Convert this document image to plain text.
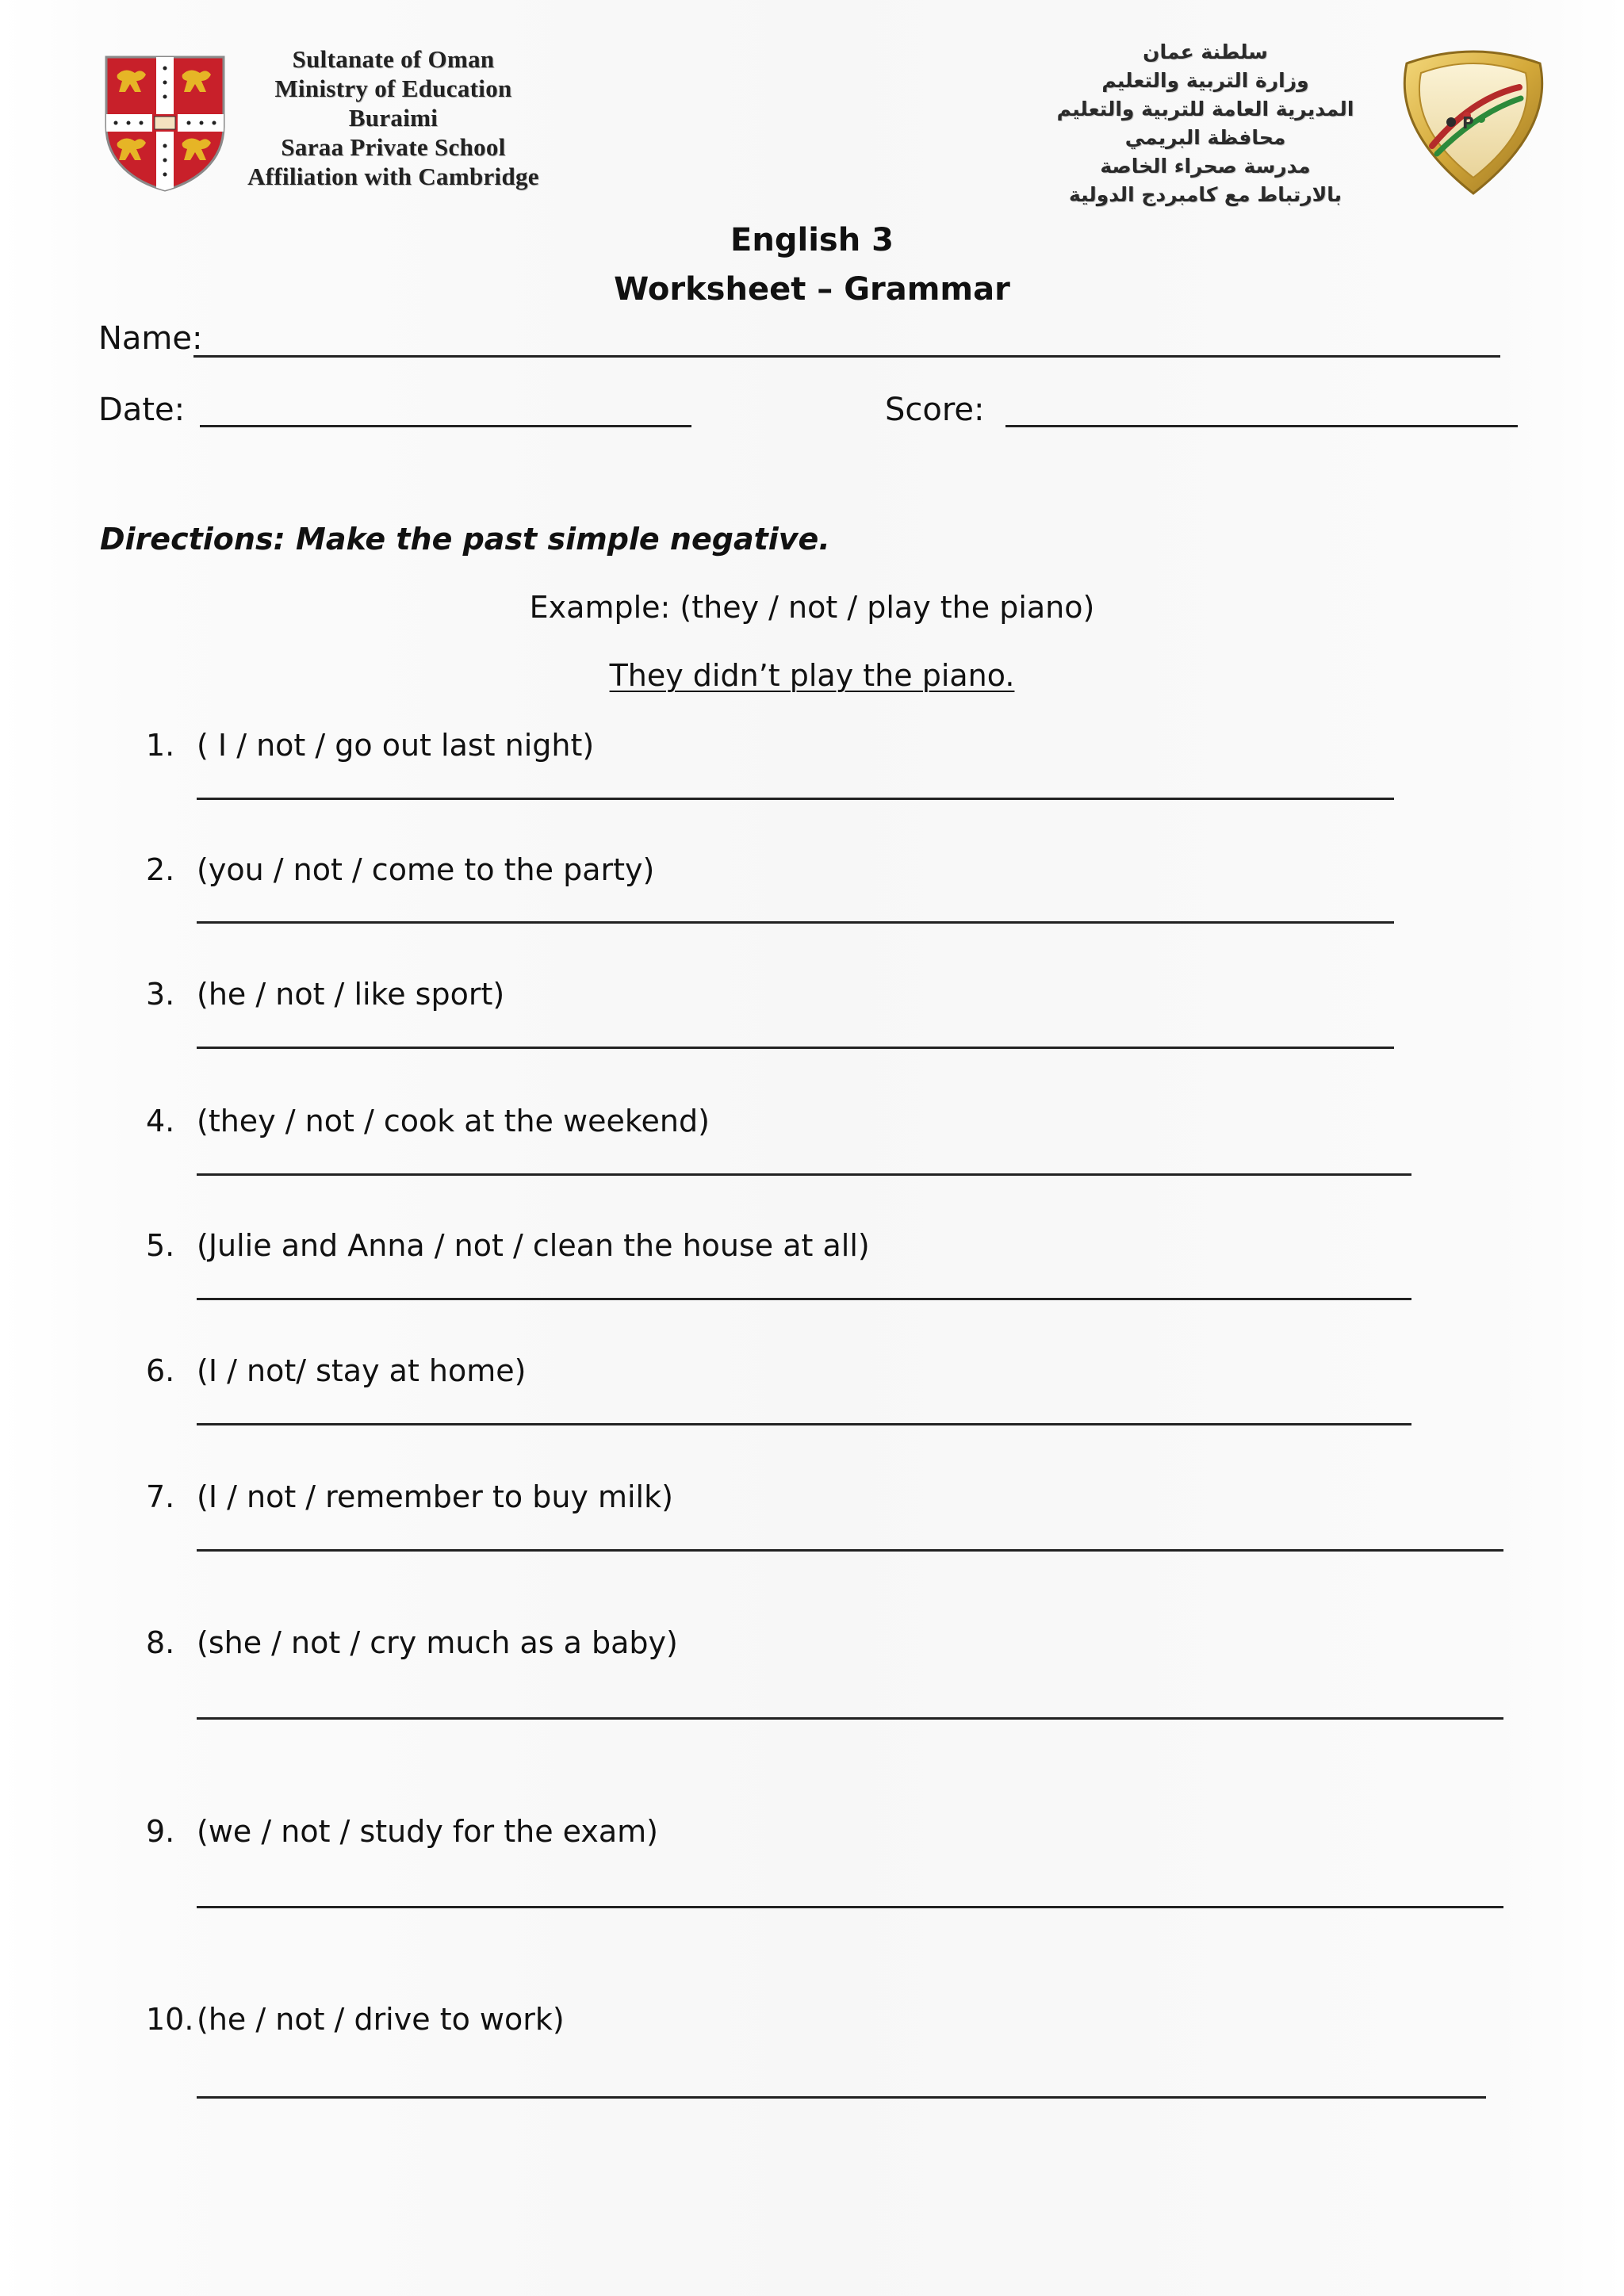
Sultanate of Oman
Ministry of Education
Buraimi
Saraa Private School
Affiliation with Cambridge
سلطنة عمان
وزارة التربية والتعليم
المديرية العامة للتربية والتعليم
محافظة البريمي
مدرسة صحراء الخاصة
بالارتباط مع كامبردج الدولية
P
English 3
Worksheet – Grammar
Name:
Date:	Score:
Directions: Make the past simple negative.
Example: (they / not / play the piano)
They didn’t play the piano.
1. ( I / not / go out last night)
2. (you / not / come to the party)
3. (he / not / like sport)
4. (they / not / cook at the weekend)
5. (Julie and Anna / not / clean the house at all)
6. (I / not/ stay at home)
7. (I / not / remember to buy milk)
8. (she / not / cry much as a baby)
9. (we / not / study for the exam)
10.(he / not / drive to work)
